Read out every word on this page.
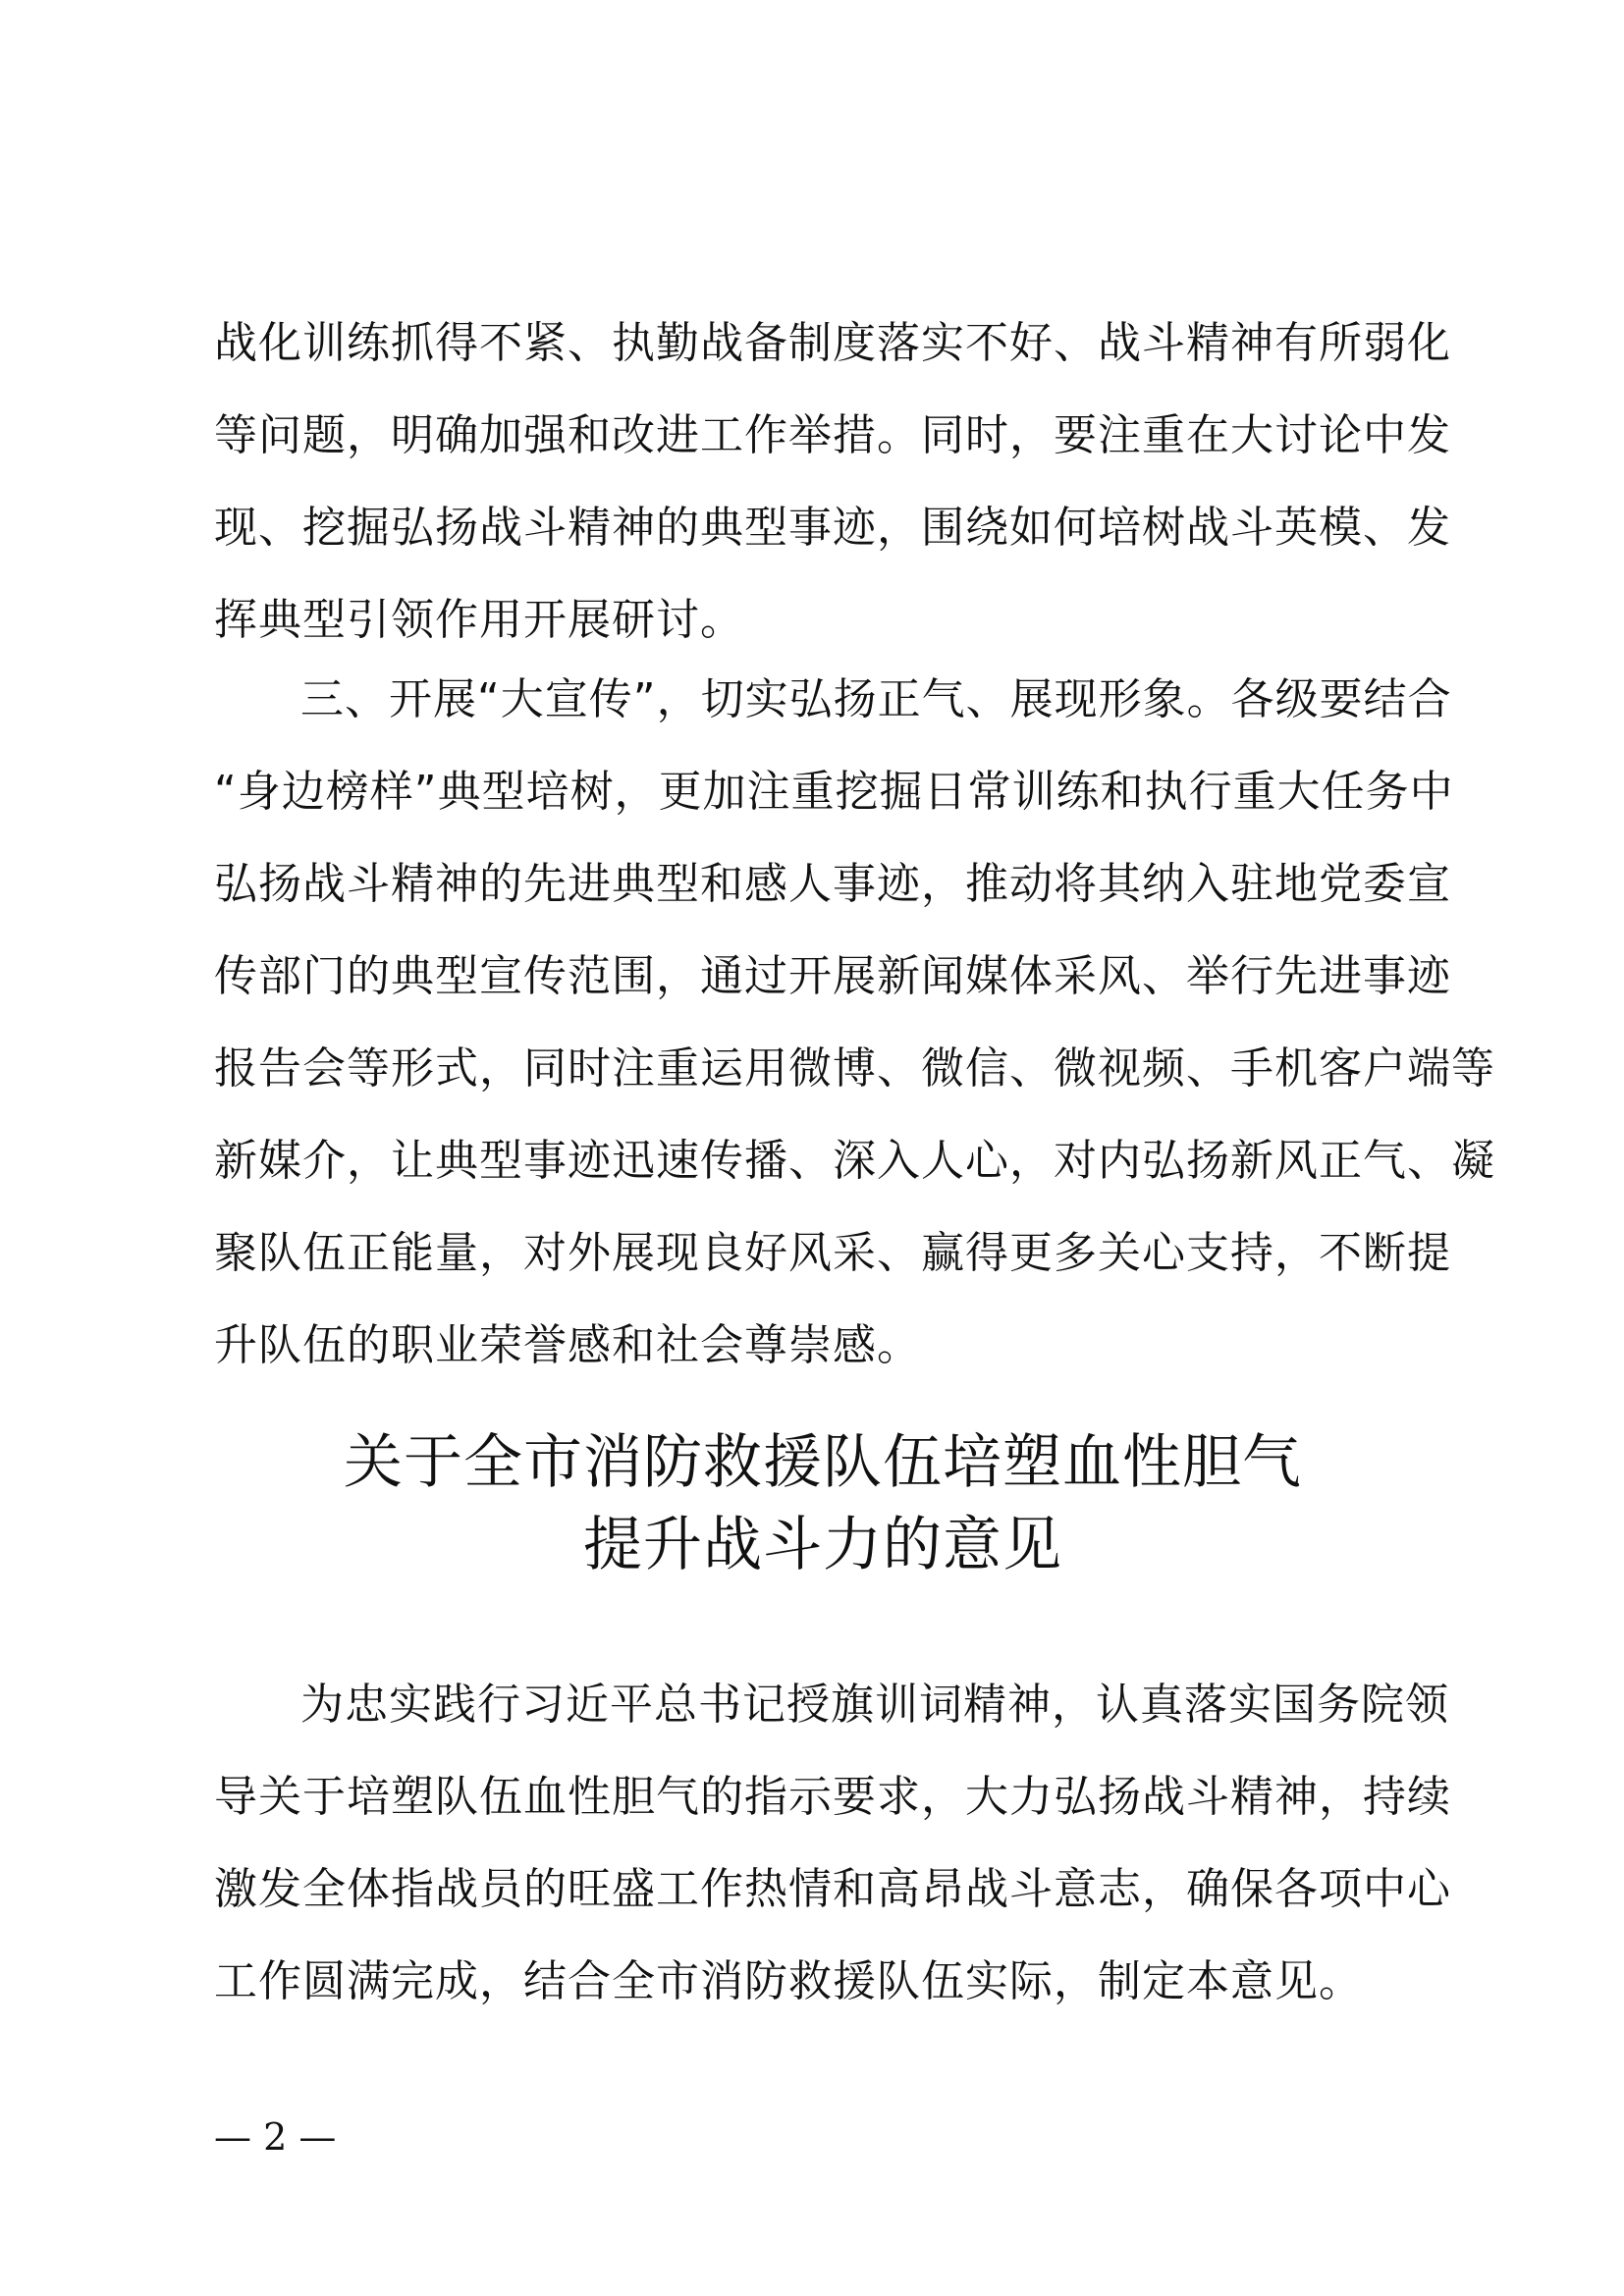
战化训练抓得不紧、执勤战备制度落实不好、战斗精神有所弱化
等问题，明确加强和改进工作举措。同时，要注重在大讨论中发
现、挖掘弘扬战斗精神的典型事迹，围绕如何培树战斗英模、发
挥典型引领作用开展研讨。

三、开展“大宣传”，切实弘扬正气、展现形象。各级要结合
“身边榜样”典型培树，更加注重挖掘日常训练和执行重大任务中
弘扬战斗精神的先进典型和感人事迹，推动将其纳入驻地党委宣
传部门的典型宣传范围，通过开展新闻媒体采风、举行先进事迹
报告会等形式，同时注重运用微博、微信、微视频、手机客户端等
新媒介，让典型事迹迅速传播、深入人心，对内弘扬新风正气、凝
聚队伍正能量，对外展现良好风采、赢得更多关心支持，不断提
升队伍的职业荣誉感和社会尊崇感。

关于全市消防救援队伍培塑血性胆气
提升战斗力的意见

为忠实践行习近平总书记授旗训词精神，认真落实国务院领
导关于培塑队伍血性胆气的指示要求，大力弘扬战斗精神，持续
激发全体指战员的旺盛工作热情和高昂战斗意志，确保各项中心
工作圆满完成，结合全市消防救援队伍实际，制定本意见。

— 2 —
